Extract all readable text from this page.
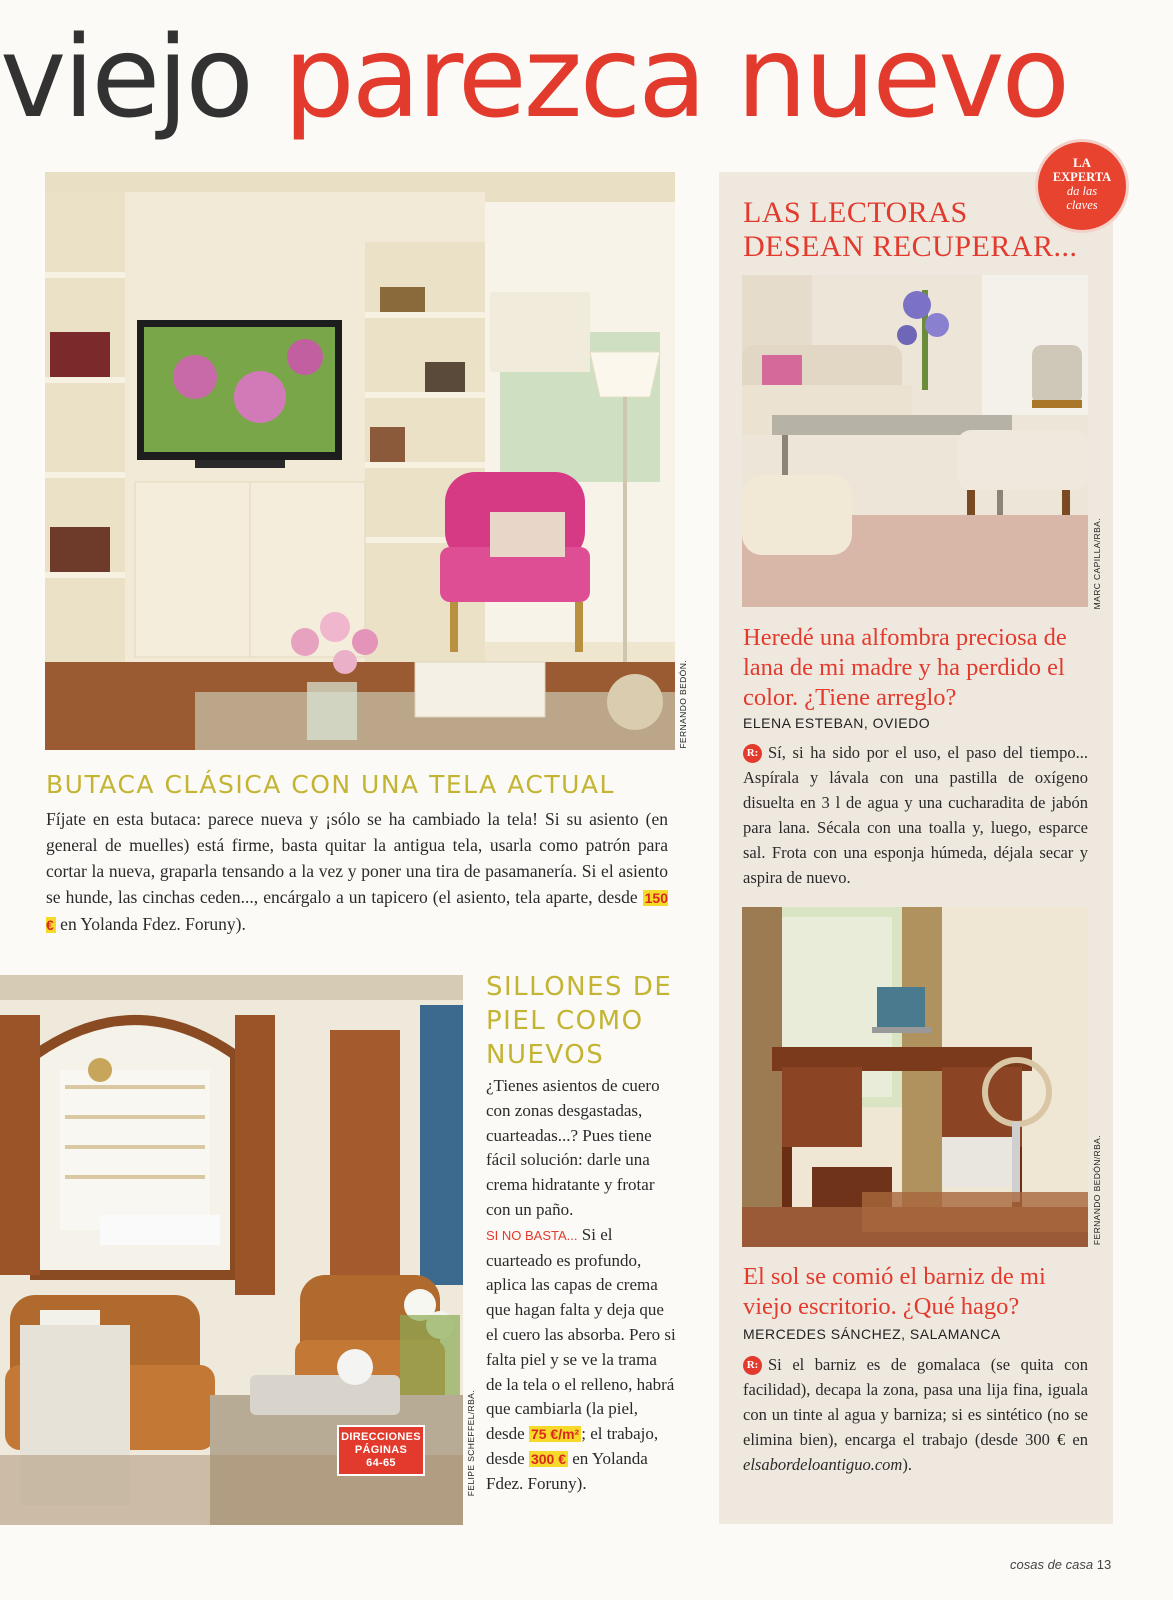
viejo parezca nuevo
FERNANDO BEDÓN.
BUTACA CLÁSICA CON UNA TELA ACTUAL
Fíjate en esta butaca: parece nueva y ¡sólo se ha cambiado la tela! Si su asiento (en general de muelles) está firme, basta quitar la antigua tela, usarla como patrón para cortar la nueva, graparla tensando a la vez y poner una tira de pasamanería. Si el asiento se hunde, las cinchas ceden..., encárgalo a un tapicero (el asiento, tela aparte, desde 150 € en Yolanda Fdez. Foruny).
DIRECCIONES
PÁGINAS
64-65	FELIPE SCHEFFEL/RBA.
SILLONES DE
PIEL COMO
NUEVOS
¿Tienes asientos de cuero con zonas desgastadas, cuarteadas...? Pues tiene fácil solución: darle una crema hidratante y frotar con un paño.
SI NO BASTA... Si el cuarteado es profundo, aplica las capas de crema que hagan falta y deja que el cuero las absorba. Pero si falta piel y se ve la trama de la tela o el relleno, habrá que cambiarla (la piel, desde 75 €/m² ; el trabajo, desde 300 € en Yolanda Fdez. Foruny).
LA
EXPERTA
da las
claves
LAS LECTORAS
DESEAN RECUPERAR...
MARC CAPILLA/RBA.
Heredé una alfombra preciosa de lana de mi madre y ha perdido el color. ¿Tiene arreglo?
ELENA ESTEBAN, OVIEDO
R: Sí, si ha sido por el uso, el paso del tiempo... Aspírala y lávala con una pastilla de oxígeno disuelta en 3 l de agua y una cucharadita de jabón para lana. Sécala con una toalla y, luego, esparce sal. Frota con una esponja húmeda, déjala secar y aspira de nuevo.
FERNANDO BEDÓN/RBA.
El sol se comió el barniz de mi viejo escritorio. ¿Qué hago?
MERCEDES SÁNCHEZ, SALAMANCA
R: Si el barniz es de gomalaca (se quita con facilidad), decapa la zona, pasa una lija fina, iguala con un tinte al agua y barniza; si es sintético (no se elimina bien), encarga el trabajo (desde 300 € en elsabordeloantiguo.com).
cosas de casa 13
